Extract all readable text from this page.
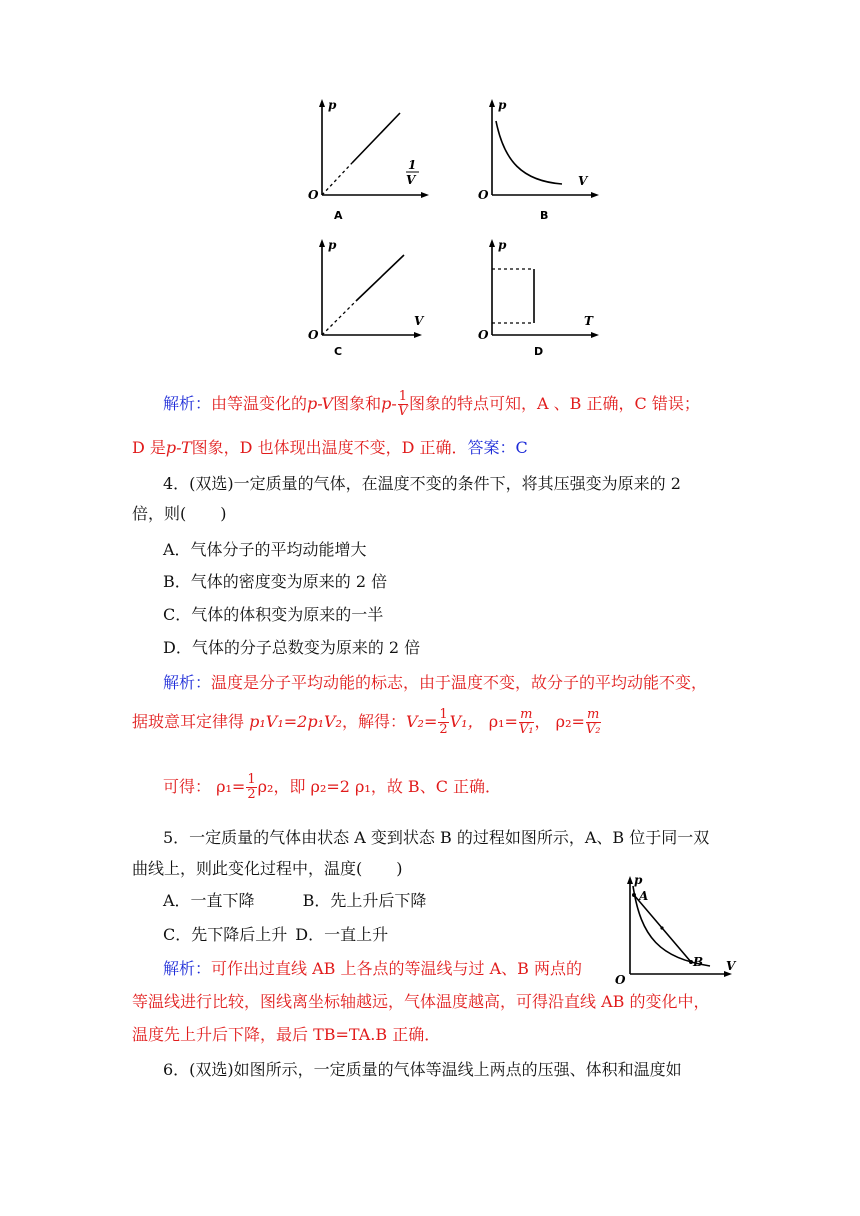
p
1
V
O
A
p
V
O
B
p
V
O
C
p
T
O
D
解析：由等温变化的p-V图象和$p- \frac{1}{V}$ 图象的特点可知，A 、B 正确，C 错误；
D 是p-T图象，D 也体现出温度不变，D 正确．答案：C
4．(双选)一定质量的气体，在温度不变的条件下，将其压强变为原来的 2
倍，则( )
A．气体分子的平均动能增大
B．气体的密度变为原来的 2 倍
C．气体的体积变为原来的一半
D．气体的分子总数变为原来的 2 倍
解析：温度是分子平均动能的标志，由于温度不变，故分子的平均动能不变，
据玻意耳定律得 p₁V₁=2p₁V₂，解得：$V_2= \frac{1}{2} V_1$， $\rho_1= \frac{m}{\text{V₁}}$ ， $\rho_2= \frac{m}{\text{V₂}}$
可得： $\rho_1= \frac{1}{2} \rho_2$，即 ρ₂=2 ρ₁，故 B、C 正确．
5．一定质量的气体由状态 A 变到状态 B 的过程如图所示，A、B 位于同一双
曲线上，则此变化过程中，温度( )
A．一直下降	B．先上升后下降
C．先下降后上升 D．一直上升
p
A
B V
O
解析：可作出过直线 AB 上各点的等温线与过 A、B 两点的
等温线进行比较，图线离坐标轴越远，气体温度越高，可得沿直线 AB 的变化中，
温度先上升后下降，最后 TB=TA.B 正确．
6．(双选)如图所示，一定质量的气体等温线上两点的压强、体积和温度如
